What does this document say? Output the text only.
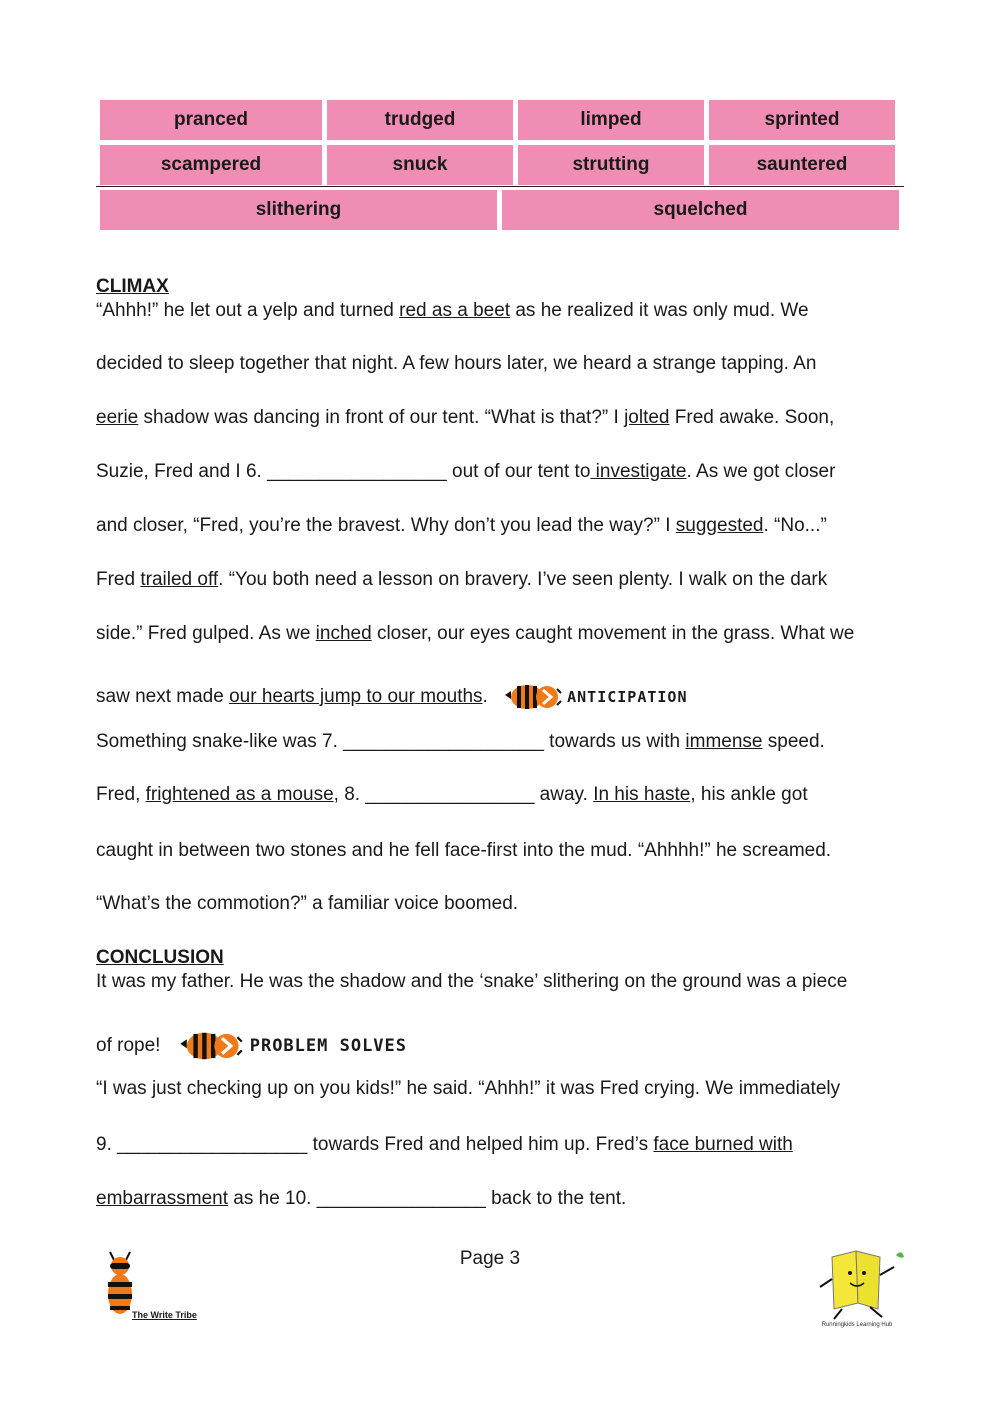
pranced	trudged	limped	sprinted
scampered	snuck	strutting	sauntered
slithering	squelched
CLIMAX
“Ahhh!” he let out a yelp and turned red as a beet as he realized it was only mud. We
decided to sleep together that night. A few hours later, we heard a strange tapping. An
eerie shadow was dancing in front of our tent. “What is that?” I jolted Fred awake. Soon,
Suzie, Fred and I 6. _________________ out of our tent to investigate. As we got closer
and closer, “Fred, you’re the bravest. Why don’t you lead the way?” I suggested. “No...”
Fred trailed off. “You both need a lesson on bravery. I’ve seen plenty. I walk on the dark
side.” Fred gulped. As we inched closer, our eyes caught movement in the grass. What we
saw next made our hearts jump to our mouths.	ANTICIPATION
Something snake-like was 7. ___________________ towards us with immense speed.
Fred, frightened as a mouse, 8. ________________ away. In his haste, his ankle got
caught in between two stones and he fell face-first into the mud. “Ahhhh!” he screamed.
“What’s the commotion?” a familiar voice boomed.
CONCLUSION
It was my father. He was the shadow and the ‘snake’ slithering on the ground was a piece
of rope!	PROBLEM SOLVES
“I was just checking up on you kids!” he said. “Ahhh!” it was Fred crying. We immediately
9. __________________ towards Fred and helped him up. Fred’s face burned with
embarrassment as he 10. ________________ back to the tent.
Page 3
The Write Tribe
Runningkids Learning Hub
